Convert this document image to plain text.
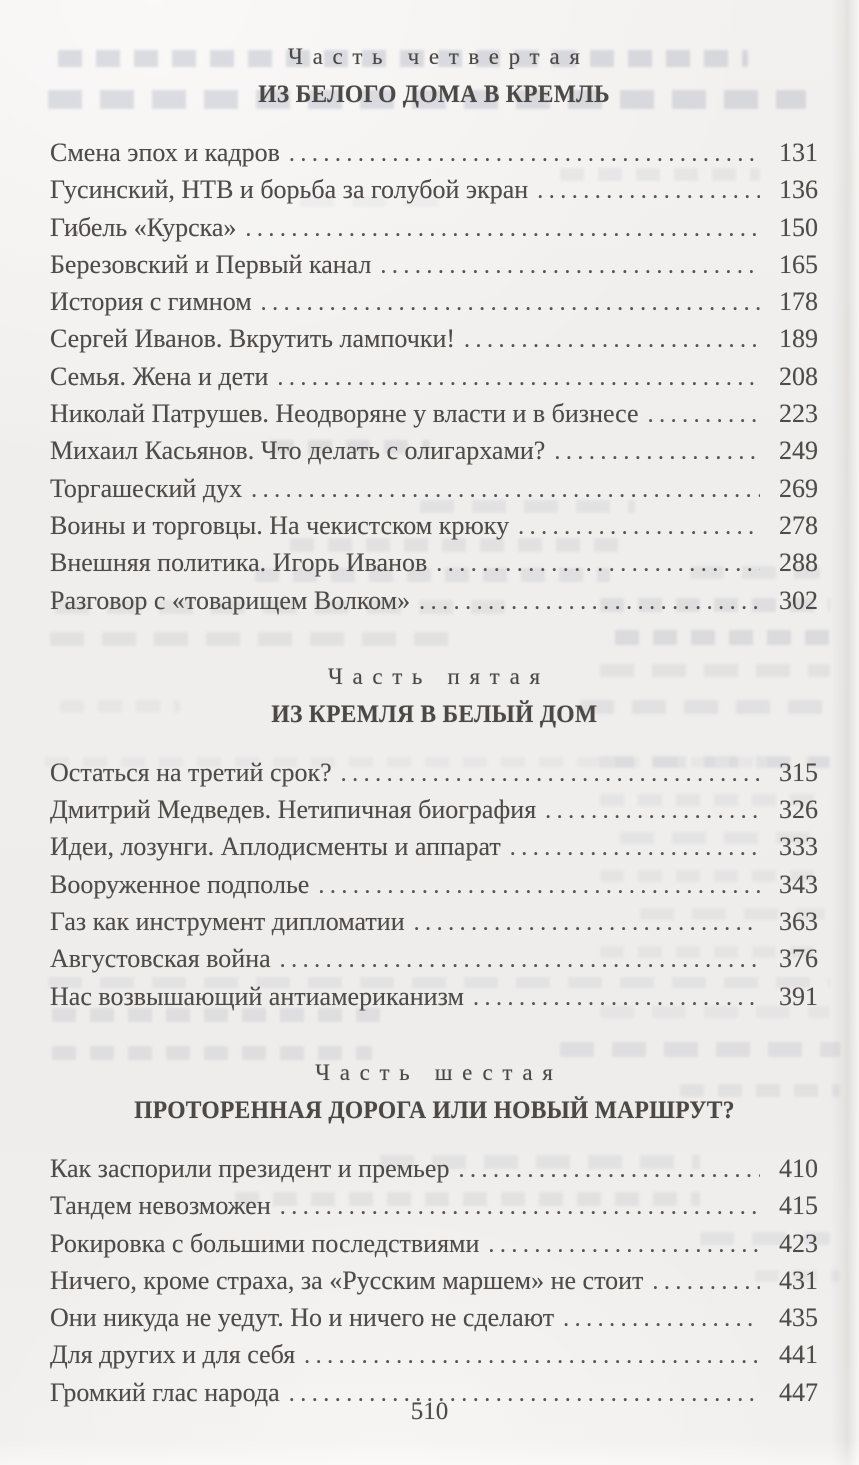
Часть четвертая
ИЗ БЕЛОГО ДОМА В КРЕМЛЬ
Смена эпох и кадров .....	131
Гусинский, НТВ и борьба за голубой экран .....	136
Гибель «Курска» .....	150
Березовский и Первый канал .....	165
История с гимном .....	178
Сергей Иванов. Вкрутить лампочки! .....	189
Семья. Жена и дети .....	208
Николай Патрушев. Неодворяне у власти и в бизнесе .....	223
Михаил Касьянов. Что делать с олигархами? .....	249
Торгашеский дух .....	269
Воины и торговцы. На чекистском крюку .....	278
Внешняя политика. Игорь Иванов .....	288
Разговор с «товарищем Волком» .....	302
Часть пятая
ИЗ КРЕМЛЯ В БЕЛЫЙ ДОМ
Остаться на третий срок? .....	315
Дмитрий Медведев. Нетипичная биография .....	326
Идеи, лозунги. Аплодисменты и аппарат .....	333
Вооруженное подполье .....	343
Газ как инструмент дипломатии .....	363
Августовская война .....	376
Нас возвышающий антиамериканизм .....	391
Часть шестая
ПРОТОРЕННАЯ ДОРОГА ИЛИ НОВЫЙ МАРШРУТ?
Как заспорили президент и премьер .....	410
Тандем невозможен .....	415
Рокировка с большими последствиями .....	423
Ничего, кроме страха, за «Русским маршем» не стоит .....	431
Они никуда не уедут. Но и ничего не сделают .....	435
Для других и для себя .....	441
Громкий глас народа .....	447
510
